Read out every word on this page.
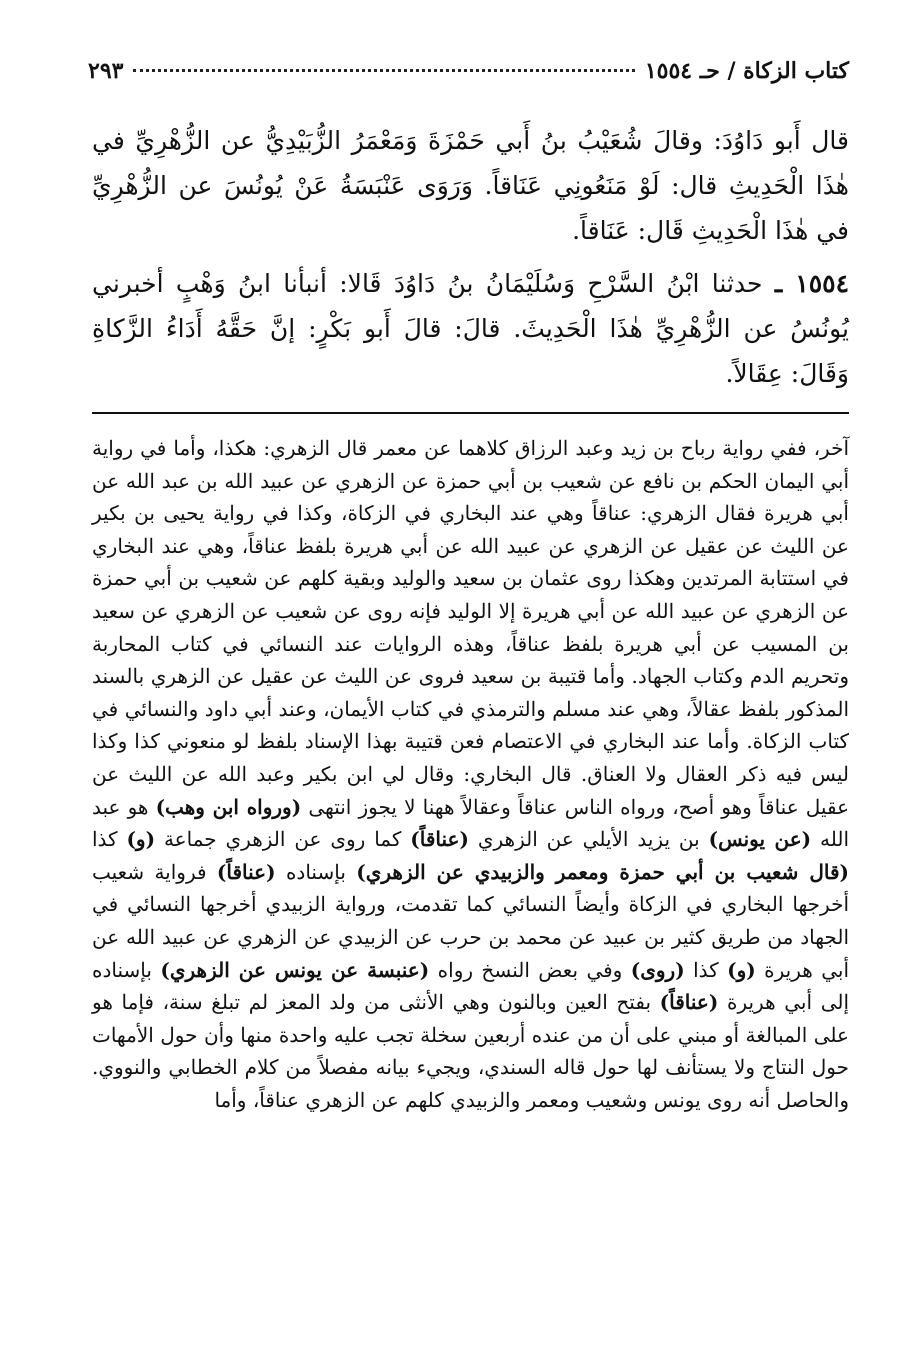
كتاب الزكاة / حـ ١٥٥٤
٢٩٣

قال أَبو دَاوُدَ: وقالَ شُعَيْبُ بنُ أَبي حَمْزَةَ وَمَعْمَرُ الزُّبَيْدِيُّ عن الزُّهْرِيِّ في هٰذَا الْحَدِيثِ قال: لَوْ مَنَعُونِي عَنَاقاً. وَرَوَى عَنْبَسَةُ عَنْ يُونُسَ عن الزُّهْرِيِّ في هٰذَا الْحَدِيثِ قَال: عَنَاقاً.

١٥٥٤ ـ حدثنا ابْنُ السَّرْحِ وَسُلَيْمَانُ بنُ دَاوُدَ قَالا: أنبأنا ابنُ وَهْبٍ أخبرني يُونُسُ عن الزُّهْرِيِّ هٰذَا الْحَدِيثَ. قالَ: قالَ أَبو بَكْرٍ: إنَّ حَقَّهُ أَدَاءُ الزَّكاةِ وَقَالَ: عِقَالاً.

آخر، ففي رواية رباح بن زيد وعبد الرزاق كلاهما عن معمر قال الزهري: هكذا، وأما في رواية أبي اليمان الحكم بن نافع عن شعيب بن أبي حمزة عن الزهري عن عبيد الله بن عبد الله عن أبي هريرة فقال الزهري: عناقاً وهي عند البخاري في الزكاة، وكذا في رواية يحيى بن بكير عن الليث عن عقيل عن الزهري عن عبيد الله عن أبي هريرة بلفظ عناقاً، وهي عند البخاري في استتابة المرتدين وهكذا روى عثمان بن سعيد والوليد وبقية كلهم عن شعيب بن أبي حمزة عن الزهري عن عبيد الله عن أبي هريرة إلا الوليد فإنه روى عن شعيب عن الزهري عن سعيد بن المسيب عن أبي هريرة بلفظ عناقاً، وهذه الروايات عند النسائي في كتاب المحاربة وتحريم الدم وكتاب الجهاد. وأما قتيبة بن سعيد فروى عن الليث عن عقيل عن الزهري بالسند المذكور بلفظ عقالاً، وهي عند مسلم والترمذي في كتاب الأيمان، وعند أبي داود والنسائي في كتاب الزكاة. وأما عند البخاري في الاعتصام فعن قتيبة بهذا الإسناد بلفظ لو منعوني كذا وكذا ليس فيه ذكر العقال ولا العناق. قال البخاري: وقال لي ابن بكير وعبد الله عن الليث عن عقيل عناقاً وهو أصح، ورواه الناس عناقاً وعقالاً ههنا لا يجوز انتهى (ورواه ابن وهب) هو عبد الله (عن يونس) بن يزيد الأيلي عن الزهري (عناقاً) كما روى عن الزهري جماعة (و) كذا (قال شعيب بن أبي حمزة ومعمر والزبيدي عن الزهري) بإسناده (عناقاً) فرواية شعيب أخرجها البخاري في الزكاة وأيضاً النسائي كما تقدمت، ورواية الزبيدي أخرجها النسائي في الجهاد من طريق كثير بن عبيد عن محمد بن حرب عن الزبيدي عن الزهري عن عبيد الله عن أبي هريرة (و) كذا (روى) وفي بعض النسخ رواه (عنبسة عن يونس عن الزهري) بإسناده إلى أبي هريرة (عناقاً) بفتح العين وبالنون وهي الأنثى من ولد المعز لم تبلغ سنة، فإما هو على المبالغة أو مبني على أن من عنده أربعين سخلة تجب عليه واحدة منها وأن حول الأمهات حول النتاج ولا يستأنف لها حول قاله السندي، ويجيء بيانه مفصلاً من كلام الخطابي والنووي. والحاصل أنه روى يونس وشعيب ومعمر والزبيدي كلهم عن الزهري عناقاً، وأما
